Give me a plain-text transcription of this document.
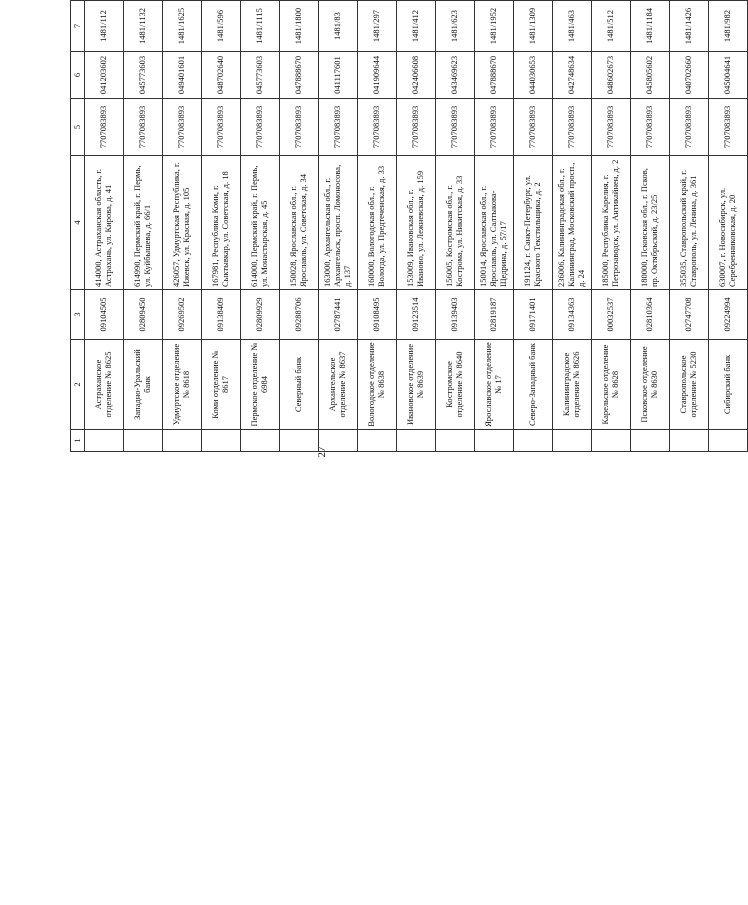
27
1	2	3	4	5	6	7				
	Астраханское отделение № 8625	09104505	414000, Астраханская область, г. Астрахань, ул. Кирова, д. 41	7707083893	041203602	1481/112				
	Западно-Уральский банк	02809450	614990, Пермский край, г. Пермь, ул. Куйбышева, д. 66/1	7707083893	045773603	1481/1132				
	Удмуртское отделение № 8618	09269502	426057, Удмуртская Республика, г. Ижевск, ул. Красная, д. 105	7707083893	049401601	1481/1625				
	Коми отделение № 8617	09138409	167981, Республика Коми, г. Сыктывкар, ул. Советская, д. 18	7707083893	048702640	1481/596				
	Пермское отделение № 6984	02809929	614000, Пермский край, г. Пермь, ул. Монастырская, д. 45	7707083893	045773603	1481/1115				
	Северный банк	09288706	150028, Ярославская обл., г. Ярославль, ул. Советская, д. 34	7707083893	047888670	1481/1800				
	Архангельское отделение № 8637	02787441	163000, Архангельская обл., г. Архангельск, просп. Ломоносова, д. 137	7707083893	041117601	1481/83				
	Вологодское отделение № 8638	09108495	160000, Вологодская обл., г. Вологда, ул. Предтеченская, д. 33	7707083893	041909644	1481/297				
	Ивановское отделение № 8639	09123514	153009, Ивановская обл., г. Иваново, ул. Лежневская, д. 159	7707083893	042406608	1481/412				
	Костромское отделение № 8640	09139403	156005, Костромская обл., г. Кострома, ул. Никитская, д. 33	7707083893	043469623	1481/623				
	Ярославское отделение № 17	02819187	150014, Ярославская обл., г. Ярославль, ул. Салтыкова-Щедрина, д. 57/17	7707083893	047888670	1481/1952				
	Северо-Западный банк	09171401	191124, г. Санкт-Петербург, ул. Красного Текстильщика, д. 2	7707083893	044030653	1481/1309				
	Калининградское отделение № 8626	09134363	236006, Калининградская обл., г. Калининград, Московский просп., д. 24	7707083893	042748634	1481/463				
	Карельское отделение № 8628	00032537	185000, Республика Карелия, г. Петрозаводск, ул. Антикайнен, д. 2	7707083893	048602673	1481/512				
	Псковское отделение № 8630	02810364	180000, Псковская обл., г. Псков, пр. Октябрьский, д. 23/25	7707083893	045805602	1481/1184				
	Ставропольское отделение № 5230	02747708	355035, Ставропольский край, г. Ставрополь, ул. Ленина, д. 361	7707083893	040702660	1481/1426				
	Сибирский банк	09224994	630007, г. Новосибирск, ул. Серебренниковская, д. 20	7707083893	045004641	1481/982				
